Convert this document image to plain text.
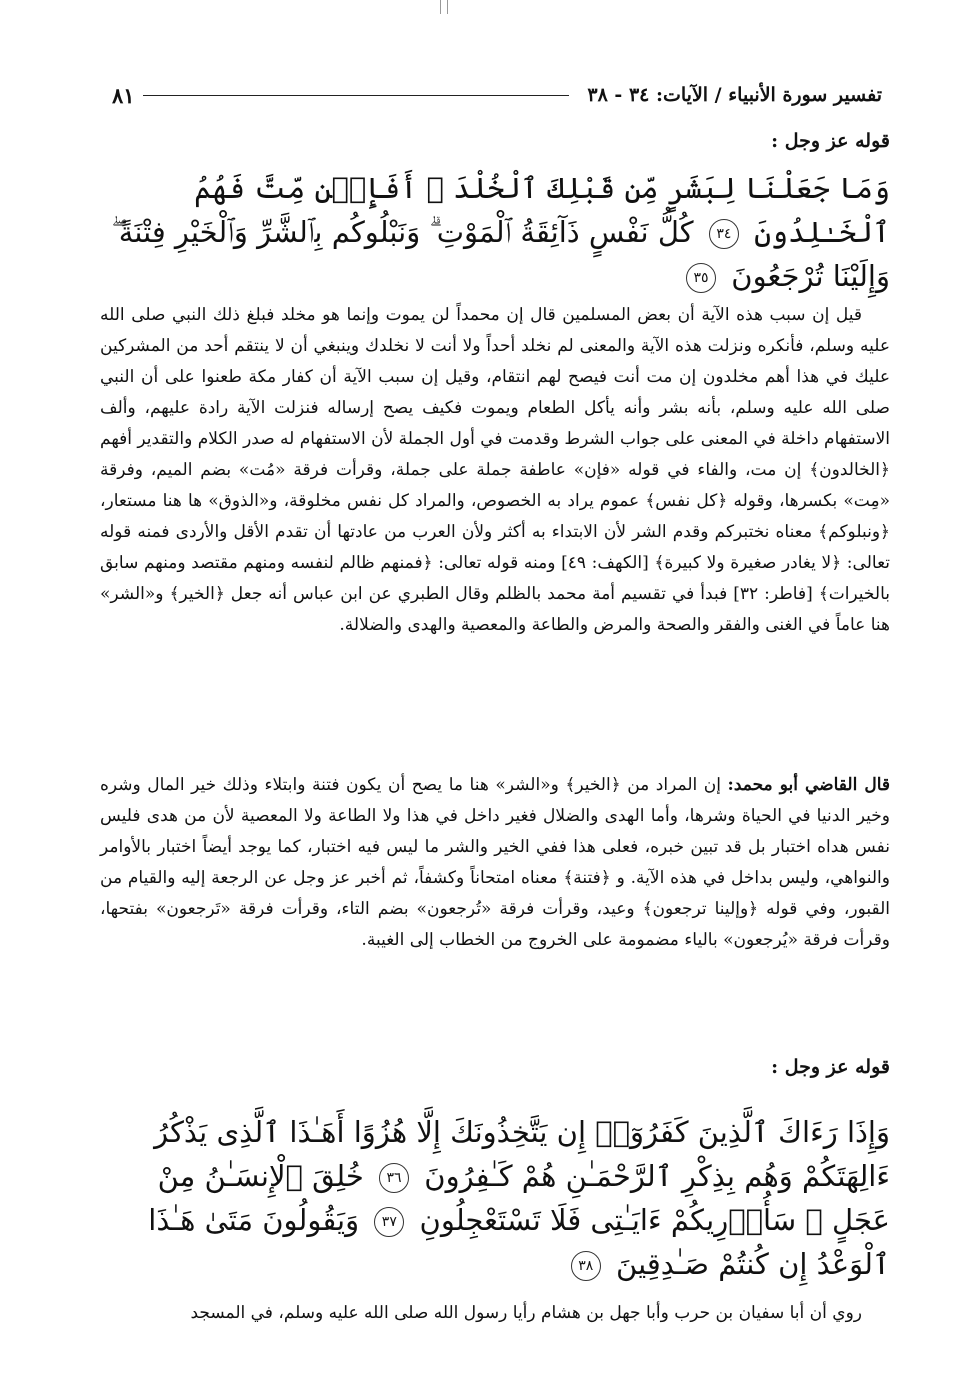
تفسير سورة الأنبياء / الآيات: ٣٤ - ٣٨
٨١
قوله عز وجل :
وَمَا جَعَلْنَا لِبَشَرٍ مِّن قَبْلِكَ ٱلْخُلْدَ ۖ أَفَإِي۟ن مِّتَّ فَهُمُ ٱلْخَـٰلِدُونَ ٣٤ كُلُّ نَفْسٍ ذَآئِقَةُ ٱلْمَوْتِ ۗ وَنَبْلُوكُم بِٱلشَّرِّ وَٱلْخَيْرِ فِتْنَةً ۖ وَإِلَيْنَا تُرْجَعُونَ ٣٥

قيل إن سبب هذه الآية أن بعض المسلمين قال إن محمداً لن يموت وإنما هو مخلد فبلغ ذلك النبي صلى الله عليه وسلم، فأنكره ونزلت هذه الآية والمعنى لم نخلد أحداً ولا أنت لا نخلدك وينبغي أن لا ينتقم أحد من المشركين عليك في هذا أهم مخلدون إن مت أنت فيصح لهم انتقام، وقيل إن سبب الآية أن كفار مكة طعنوا على أن النبي صلى الله عليه وسلم، بأنه بشر وأنه يأكل الطعام ويموت فكيف يصح إرساله فنزلت الآية رادة عليهم، وألف الاستفهام داخلة في المعنى على جواب الشرط وقدمت في أول الجملة لأن الاستفهام له صدر الكلام والتقدير أفهم ﴿الخالدون﴾ إن مت، والفاء في قوله «فإن» عاطفة جملة على جملة، وقرأت فرقة «مُت» بضم الميم، وفرقة «مِت» بكسرها، وقوله ﴿كل نفس﴾ عموم يراد به الخصوص، والمراد كل نفس مخلوقة، و«الذوق» ها هنا مستعار، ﴿ونبلوكم﴾ معناه نختبركم وقدم الشر لأن الابتداء به أكثر ولأن العرب من عادتها أن تقدم الأقل والأردى فمنه قوله تعالى: ﴿لا يغادر صغيرة ولا كبيرة﴾ [الكهف: ٤٩] ومنه قوله تعالى: ﴿فمنهم ظالم لنفسه ومنهم مقتصد ومنهم سابق بالخيرات﴾ [فاطر: ٣٢] فبدأ في تقسيم أمة محمد بالظلم وقال الطبري عن ابن عباس أنه جعل ﴿الخير﴾ و«الشر» هنا عاماً في الغنى والفقر والصحة والمرض والطاعة والمعصية والهدى والضلالة.

قال القاضي أبو محمد: إن المراد من ﴿الخير﴾ و«الشر» هنا ما يصح أن يكون فتنة وابتلاء وذلك خير المال وشره وخير الدنيا في الحياة وشرها، وأما الهدى والضلال فغير داخل في هذا ولا الطاعة ولا المعصية لأن من هدى فليس نفس هداه اختبار بل قد تبين خبره، فعلى هذا ففي الخير والشر ما ليس فيه اختبار، كما يوجد أيضاً اختبار بالأوامر والنواهي، وليس بداخل في هذه الآية. و ﴿فتنة﴾ معناه امتحاناً وكشفاً، ثم أخبر عز وجل عن الرجعة إليه والقيام من القبور، وفي قوله ﴿وإلينا ترجعون﴾ وعيد، وقرأت فرقة «تُرجعون» بضم التاء، وقرأت فرقة «تَرجعون» بفتحها، وقرأت فرقة «يُرجعون» بالياء مضمومة على الخروج من الخطاب إلى الغيبة.

قوله عز وجل :
وَإِذَا رَءَاكَ ٱلَّذِينَ كَفَرُوٓا۟ إِن يَتَّخِذُونَكَ إِلَّا هُزُوًا أَهَـٰذَا ٱلَّذِى يَذْكُرُ ءَالِهَتَكُمْ وَهُم بِذِكْرِ ٱلرَّحْمَـٰنِ هُمْ كَـٰفِرُونَ ٣٦ خُلِقَ ٱلْإِنسَـٰنُ مِنْ عَجَلٍ ۚ سَأُو۟رِيكُمْ ءَايَـٰتِى فَلَا تَسْتَعْجِلُونِ ٣٧ وَيَقُولُونَ مَتَىٰ هَـٰذَا ٱلْوَعْدُ إِن كُنتُمْ صَـٰدِقِينَ ٣٨

روي أن أبا سفيان بن حرب وأبا جهل بن هشام رأيا رسول الله صلى الله عليه وسلم، في المسجد
